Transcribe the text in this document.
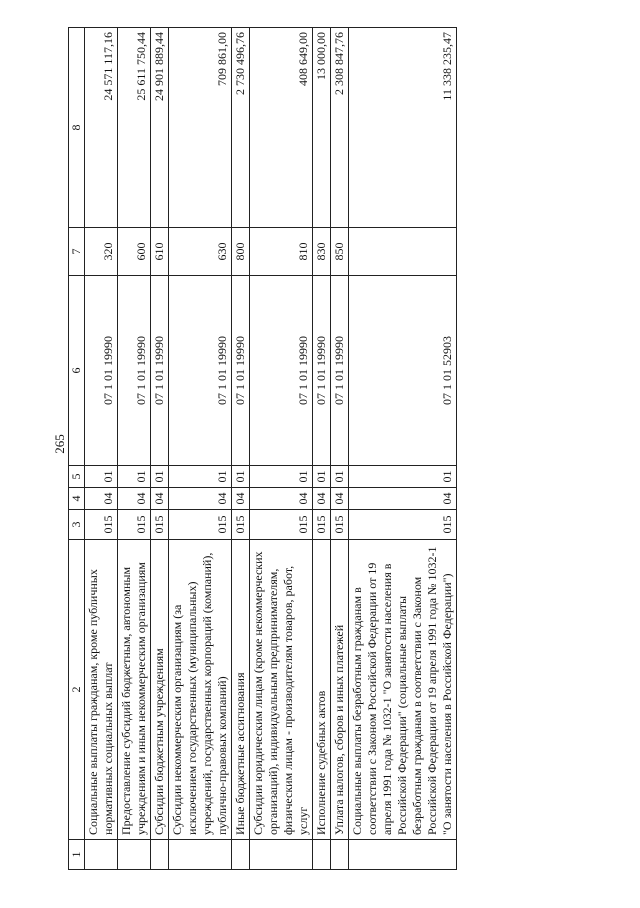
265
1	2	3	4	5	6	7	8
	Социальные выплаты гражданам, кроме публичных нормативных социальных выплат	015	04	01	07 1 01 19990	320	24 571 117,16
	Предоставление субсидий бюджетным, автономным учреждениям и иным некоммерческим организациям	015	04	01	07 1 01 19990	600	25 611 750,44
	Субсидии бюджетным учреждениям	015	04	01	07 1 01 19990	610	24 901 889,44
	Субсидии некоммерческим организациям (за исключением государственных (муниципальных) учреждений, государственных корпораций (компаний), публично-правовых компаний)	015	04	01	07 1 01 19990	630	709 861,00
	Иные бюджетные ассигнования	015	04	01	07 1 01 19990	800	2 730 496,76
	Субсидии юридическим лицам (кроме некоммерческих организаций), индивидуальным предпринимателям, физическим лицам - производителям товаров, работ, услуг	015	04	01	07 1 01 19990	810	408 649,00
	Исполнение судебных актов	015	04	01	07 1 01 19990	830	13 000,00
	Уплата налогов, сборов и иных платежей	015	04	01	07 1 01 19990	850	2 308 847,76
	Социальные выплаты безработным гражданам в соответствии с Законом Российской Федерации от 19 апреля 1991 года № 1032-1 "О занятости населения в Российской Федерации" (социальные выплаты безработным гражданам в соответствии с Законом Российской Федерации от 19 апреля 1991 года № 1032-1 "О занятости населения в Российской Федерации")	015	04	01	07 1 01 52903		11 338 235,47
